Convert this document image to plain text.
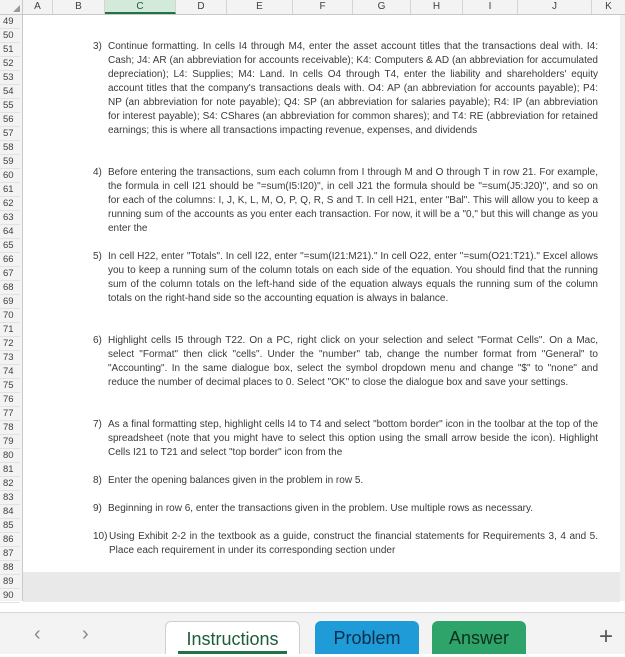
A	B	C	D	E	F	G	H	I	J	K
49
50
51
52
53
54
55
56
57
58
59
60
61
62
63
64
65
66
67
68
69
70
71
72
73
74
75
76
77
78
79
80
81
82
83
84
85
86
87
88
89
90
3) Continue formatting. In cells I4 through M4, enter the asset account titles that the transactions deal with. I4: Cash; J4: AR (an abbreviation for accounts receivable); K4: Computers & AD (an abbreviation for accumulated depreciation); L4: Supplies; M4: Land. In cells O4 through T4, enter the liability and shareholders' equity account titles that the company's transactions deals with. O4: AP (an abbreviation for accounts payable); P4: NP (an abbreviation for note payable); Q4: SP (an abbreviation for salaries payable); R4: IP (an abbreviation for interest payable); S4: CShares (an abbreviation for common shares); and T4: RE (abbreviation for retained earnings; this is where all transactions impacting revenue, expenses, and dividends
4) Before entering the transactions, sum each column from I through M and O through T in row 21. For example, the formula in cell I21 should be "=sum(I5:I20)", in cell J21 the formula should be "=sum(J5:J20)", and so on for each of the columns: I, J, K, L, M, O, P, Q, R, S and T. In cell H21, enter "Bal". This will allow you to keep a running sum of the accounts as you enter each transaction. For now, it will be a "0," but this will change as you enter the
5) In cell H22, enter "Totals". In cell I22, enter "=sum(I21:M21)." In cell O22, enter "=sum(O21:T21)." Excel allows you to keep a running sum of the column totals on each side of the equation. You should find that the running sum of the column totals on the left-hand side of the equation always equals the running sum of the column totals on the right-hand side so the accounting equation is always in balance.
6) Highlight cells I5 through T22. On a PC, right click on your selection and select "Format Cells". On a Mac, select "Format" then click "cells". Under the "number" tab, change the number format from "General" to "Accounting". In the same dialogue box, select the symbol dropdown menu and change "$" to "none" and reduce the number of decimal places to 0. Select "OK" to close the dialogue box and save your settings.
7) As a final formatting step, highlight cells I4 to T4 and select "bottom border" icon in the toolbar at the top of the spreadsheet (note that you might have to select this option using the small arrow beside the icon). Highlight Cells I21 to T21 and select "top border" icon from the
8) Enter the opening balances given in the problem in row 5.
9) Beginning in row 6, enter the transactions given in the problem. Use multiple rows as necessary.
10) Using Exhibit 2-2 in the textbook as a guide, construct the financial statements for Requirements 3, 4 and 5. Place each requirement in under its corresponding section under
‹ ›	Instructions	Problem	Answer	+
